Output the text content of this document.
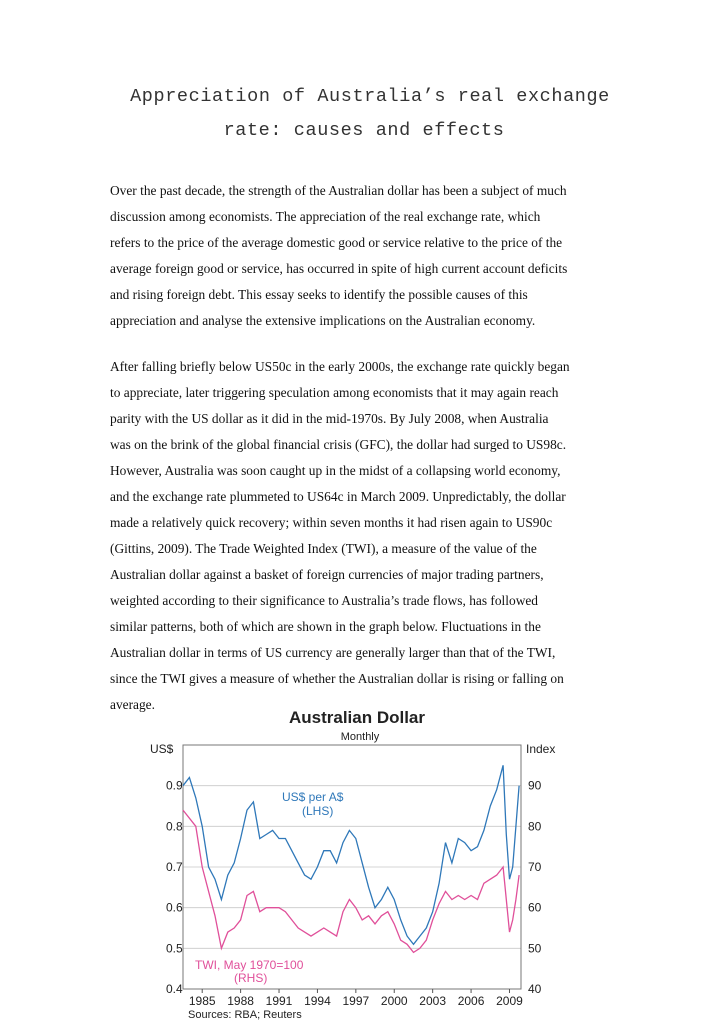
Appreciation of Australia’s real exchange
rate: causes and effects
Over the past decade, the strength of the Australian dollar has been a subject of much
discussion among economists. The appreciation of the real exchange rate, which
refers to the price of the average domestic good or service relative to the price of the
average foreign good or service, has occurred in spite of high current account deficits
and rising foreign debt. This essay seeks to identify the possible causes of this
appreciation and analyse the extensive implications on the Australian economy.
After falling briefly below US50c in the early 2000s, the exchange rate quickly began
to appreciate, later triggering speculation among economists that it may again reach
parity with the US dollar as it did in the mid-1970s. By July 2008, when Australia
was on the brink of the global financial crisis (GFC), the dollar had surged to US98c.
However, Australia was soon caught up in the midst of a collapsing world economy,
and the exchange rate plummeted to US64c in March 2009. Unpredictably, the dollar
made a relatively quick recovery; within seven months it had risen again to US90c
(Gittins, 2009). The Trade Weighted Index (TWI), a measure of the value of the
Australian dollar against a basket of foreign currencies of major trading partners,
weighted according to their significance to Australia’s trade flows, has followed
similar patterns, both of which are shown in the graph below. Fluctuations in the
Australian dollar in terms of US currency are generally larger than that of the TWI,
since the TWI gives a measure of whether the Australian dollar is rising or falling on
average.
Australian Dollar
Monthly
0.9
0.8
0.7
0.6
0.5
0.4
90
80
70
60
50
40
1985 1988 1991 1994 1997 2000 2003 2006 2009
US$	Index
US$ per A$
(LHS)
TWI, May 1970=100
(RHS)
Sources: RBA; Reuters
